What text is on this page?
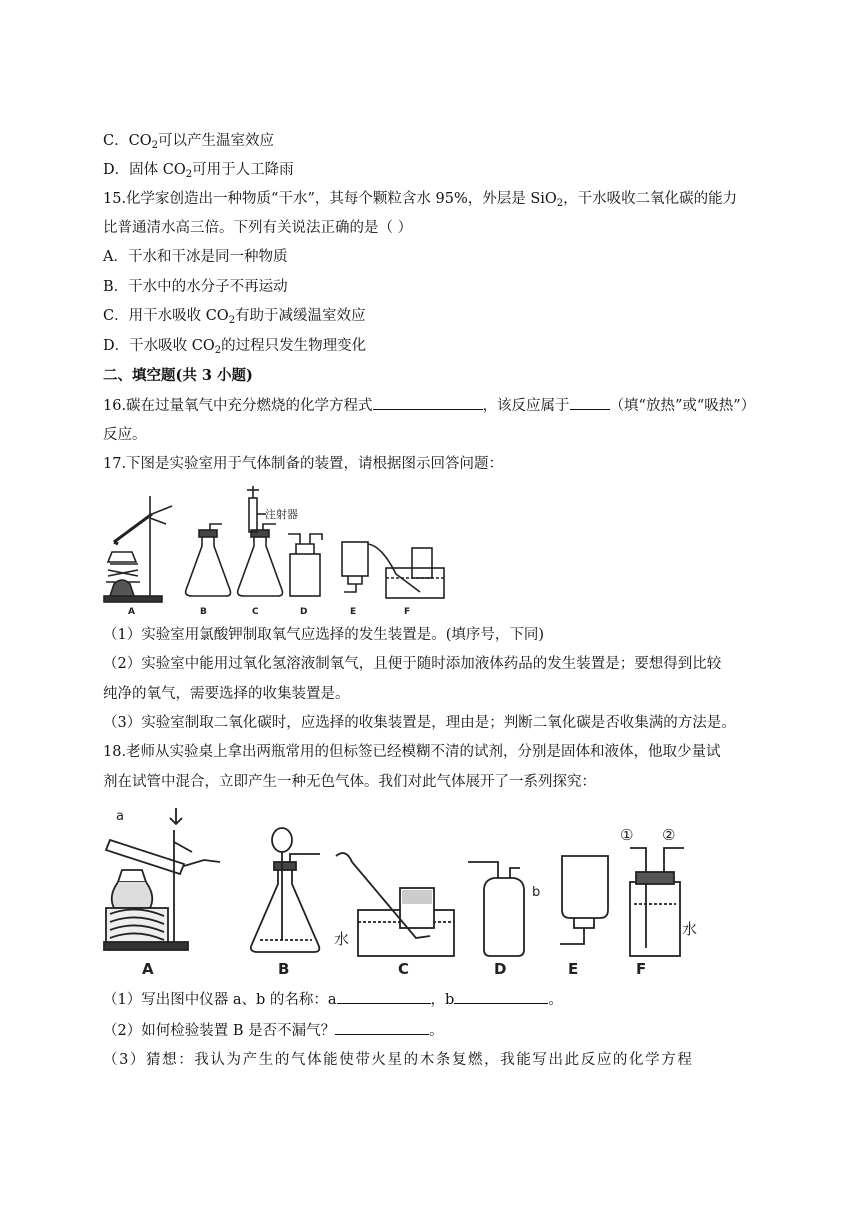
C．$CO_2$可以产生温室效应
D．固体 $CO_2$可用于人工降雨
15.化学家创造出一种物质“干水”，其每个颗粒含水 95%，外层是 SiO$_2$，干水吸收二氧化碳的能力
比普通清水高三倍。下列有关说法正确的是（ ）
A．干水和干冰是同一种物质
B．干水中的水分子不再运动
C．用干水吸收 $CO_2$有助于减缓温室效应
D．干水吸收 $CO_2$的过程只发生物理变化
二、填空题(共 3 小题)
16.碳在过量氧气中充分燃烧的化学方程式	，该反应属于	（填“放热”或“吸热”）
反应。
17.下图是实验室用于气体制备的装置，请根据图示回答问题：
注射器
A	B	C	D	E	F
（1）实验室用氯酸钾制取氧气应选择的发生装置是。(填序号，下同)
（2）实验室中能用过氧化氢溶液制氧气，且便于随时添加液体药品的发生装置是；要想得到比较
纯净的氧气，需要选择的收集装置是。
（3）实验室制取二氧化碳时，应选择的收集装置是，理由是；判断二氧化碳是否收集满的方法是。
18.老师从实验桌上拿出两瓶常用的但标签已经模糊不清的试剂，分别是固体和液体，他取少量试
剂在试管中混合，立即产生一种无色气体。我们对此气体展开了一系列探究：
a
b
水
水
① ②
A	B	C	D	E	F
（1）写出图中仪器 a、b 的名称：a	，b	。
（2）如何检验装置 B 是否不漏气？	。
（3）猜想：我认为产生的气体能使带火星的木条复燃，我能写出此反应的化学方程
